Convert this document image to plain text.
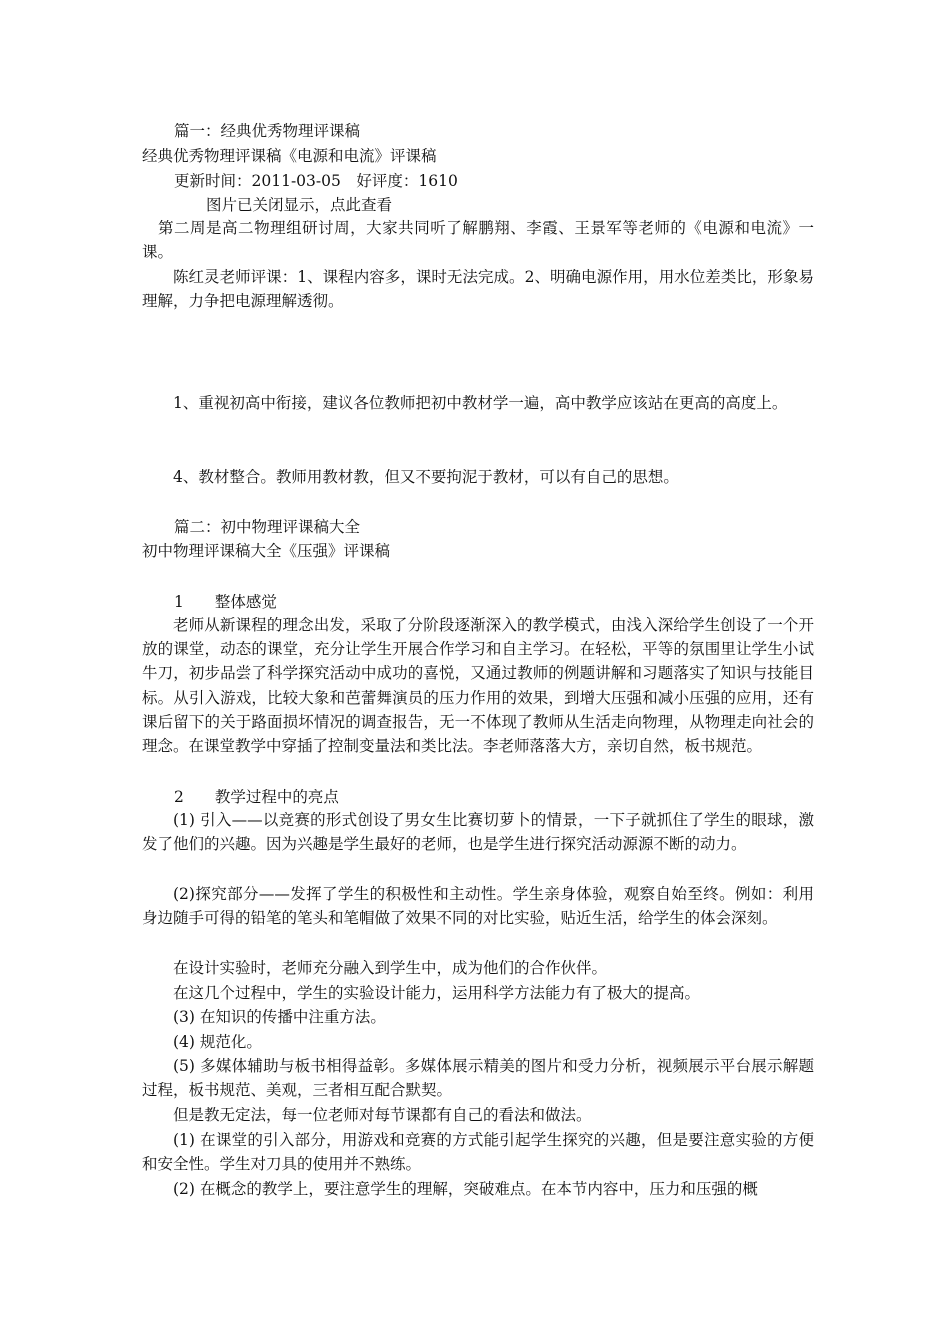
篇一：经典优秀物理评课稿
经典优秀物理评课稿《电源和电流》评课稿
更新时间：2011-03-05　好评度：1610
图片已关闭显示，点此查看
第二周是高二物理组研讨周，大家共同听了解鹏翔、李霞、王景军等老师的《电源和电流》一课。
陈红灵老师评课：1、课程内容多，课时无法完成。2、明确电源作用，用水位差类比，形象易理解，力争把电源理解透彻。
1、重视初高中衔接，建议各位教师把初中教材学一遍，高中教学应该站在更高的高度上。
4、教材整合。教师用教材教，但又不要拘泥于教材，可以有自己的思想。
篇二：初中物理评课稿大全
初中物理评课稿大全《压强》评课稿
1　　整体感觉
老师从新课程的理念出发，采取了分阶段逐渐深入的教学模式，由浅入深给学生创设了一个开放的课堂，动态的课堂，充分让学生开展合作学习和自主学习。在轻松，平等的氛围里让学生小试牛刀，初步品尝了科学探究活动中成功的喜悦，又通过教师的例题讲解和习题落实了知识与技能目标。从引入游戏，比较大象和芭蕾舞演员的压力作用的效果，到增大压强和减小压强的应用，还有课后留下的关于路面损坏情况的调查报告，无一不体现了教师从生活走向物理，从物理走向社会的理念。在课堂教学中穿插了控制变量法和类比法。李老师落落大方，亲切自然，板书规范。
2　　教学过程中的亮点
(1) 引入——以竞赛的形式创设了男女生比赛切萝卜的情景，一下子就抓住了学生的眼球，激发了他们的兴趣。因为兴趣是学生最好的老师，也是学生进行探究活动源源不断的动力。
(2)探究部分——发挥了学生的积极性和主动性。学生亲身体验，观察自始至终。例如：利用身边随手可得的铅笔的笔头和笔帽做了效果不同的对比实验，贴近生活，给学生的体会深刻。
在设计实验时，老师充分融入到学生中，成为他们的合作伙伴。
在这几个过程中，学生的实验设计能力，运用科学方法能力有了极大的提高。
(3) 在知识的传播中注重方法。
(4) 规范化。
(5) 多媒体辅助与板书相得益彰。多媒体展示精美的图片和受力分析，视频展示平台展示解题过程，板书规范、美观，三者相互配合默契。
但是教无定法，每一位老师对每节课都有自己的看法和做法。
(1) 在课堂的引入部分，用游戏和竞赛的方式能引起学生探究的兴趣，但是要注意实验的方便和安全性。学生对刀具的使用并不熟练。
(2) 在概念的教学上，要注意学生的理解，突破难点。在本节内容中，压力和压强的概
